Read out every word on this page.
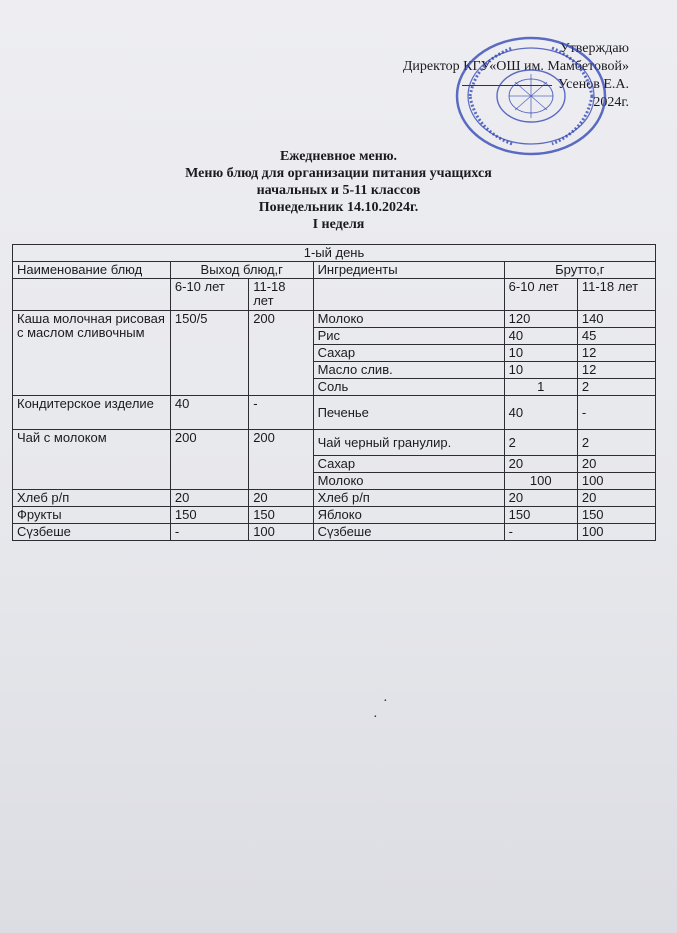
Утверждаю
Директор КГУ«ОШ им. Мамбетовой»
Усенов Е.А.
2024г.
Ежедневное меню.
Меню блюд для организации питания учащихся
начальных и 5-11 классов
Понедельник 14.10.2024г.
I неделя
1-ый день					
Наименование блюд	Выход блюд,г		Ингредиенты	Брутто,г	
	6-10 лет	11-18 лет		6-10 лет	11-18 лет
Каша молочная рисовая с маслом сливочным	150/5	200	Молоко	120	140
			Рис	40	45
			Сахар	10	12
			Масло слив.	10	12
			Соль	1	2
Кондитерское изделие	40	-	Печенье	40	-
Чай с молоком	200	200	Чай черный гранулир.	2	2
			Сахар	20	20
			Молоко	100	100
Хлеб р/п	20	20	Хлеб р/п	20	20
Фрукты	150	150	Яблоко	150	150
Сүзбеше	-	100	Сүзбеше	-	100
·
·
